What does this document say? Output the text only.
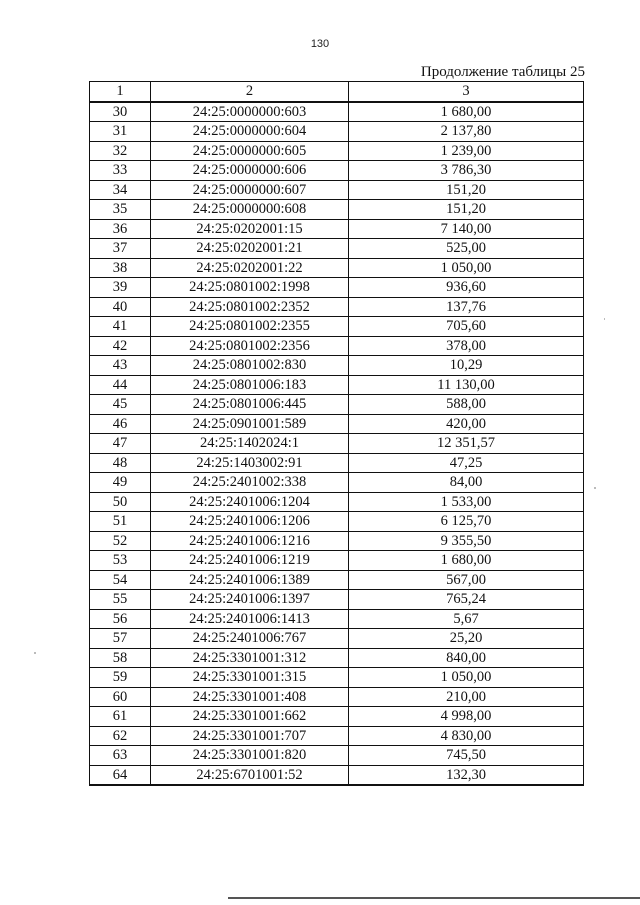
130
Продолжение таблицы 25
1	2	3
30	24:25:0000000:603	1 680,00
31	24:25:0000000:604	2 137,80
32	24:25:0000000:605	1 239,00
33	24:25:0000000:606	3 786,30
34	24:25:0000000:607	151,20
35	24:25:0000000:608	151,20
36	24:25:0202001:15	7 140,00
37	24:25:0202001:21	525,00
38	24:25:0202001:22	1 050,00
39	24:25:0801002:1998	936,60
40	24:25:0801002:2352	137,76
41	24:25:0801002:2355	705,60
42	24:25:0801002:2356	378,00
43	24:25:0801002:830	10,29
44	24:25:0801006:183	11 130,00
45	24:25:0801006:445	588,00
46	24:25:0901001:589	420,00
47	24:25:1402024:1	12 351,57
48	24:25:1403002:91	47,25
49	24:25:2401002:338	84,00
50	24:25:2401006:1204	1 533,00
51	24:25:2401006:1206	6 125,70
52	24:25:2401006:1216	9 355,50
53	24:25:2401006:1219	1 680,00
54	24:25:2401006:1389	567,00
55	24:25:2401006:1397	765,24
56	24:25:2401006:1413	5,67
57	24:25:2401006:767	25,20
58	24:25:3301001:312	840,00
59	24:25:3301001:315	1 050,00
60	24:25:3301001:408	210,00
61	24:25:3301001:662	4 998,00
62	24:25:3301001:707	4 830,00
63	24:25:3301001:820	745,50
64	24:25:6701001:52	132,30
